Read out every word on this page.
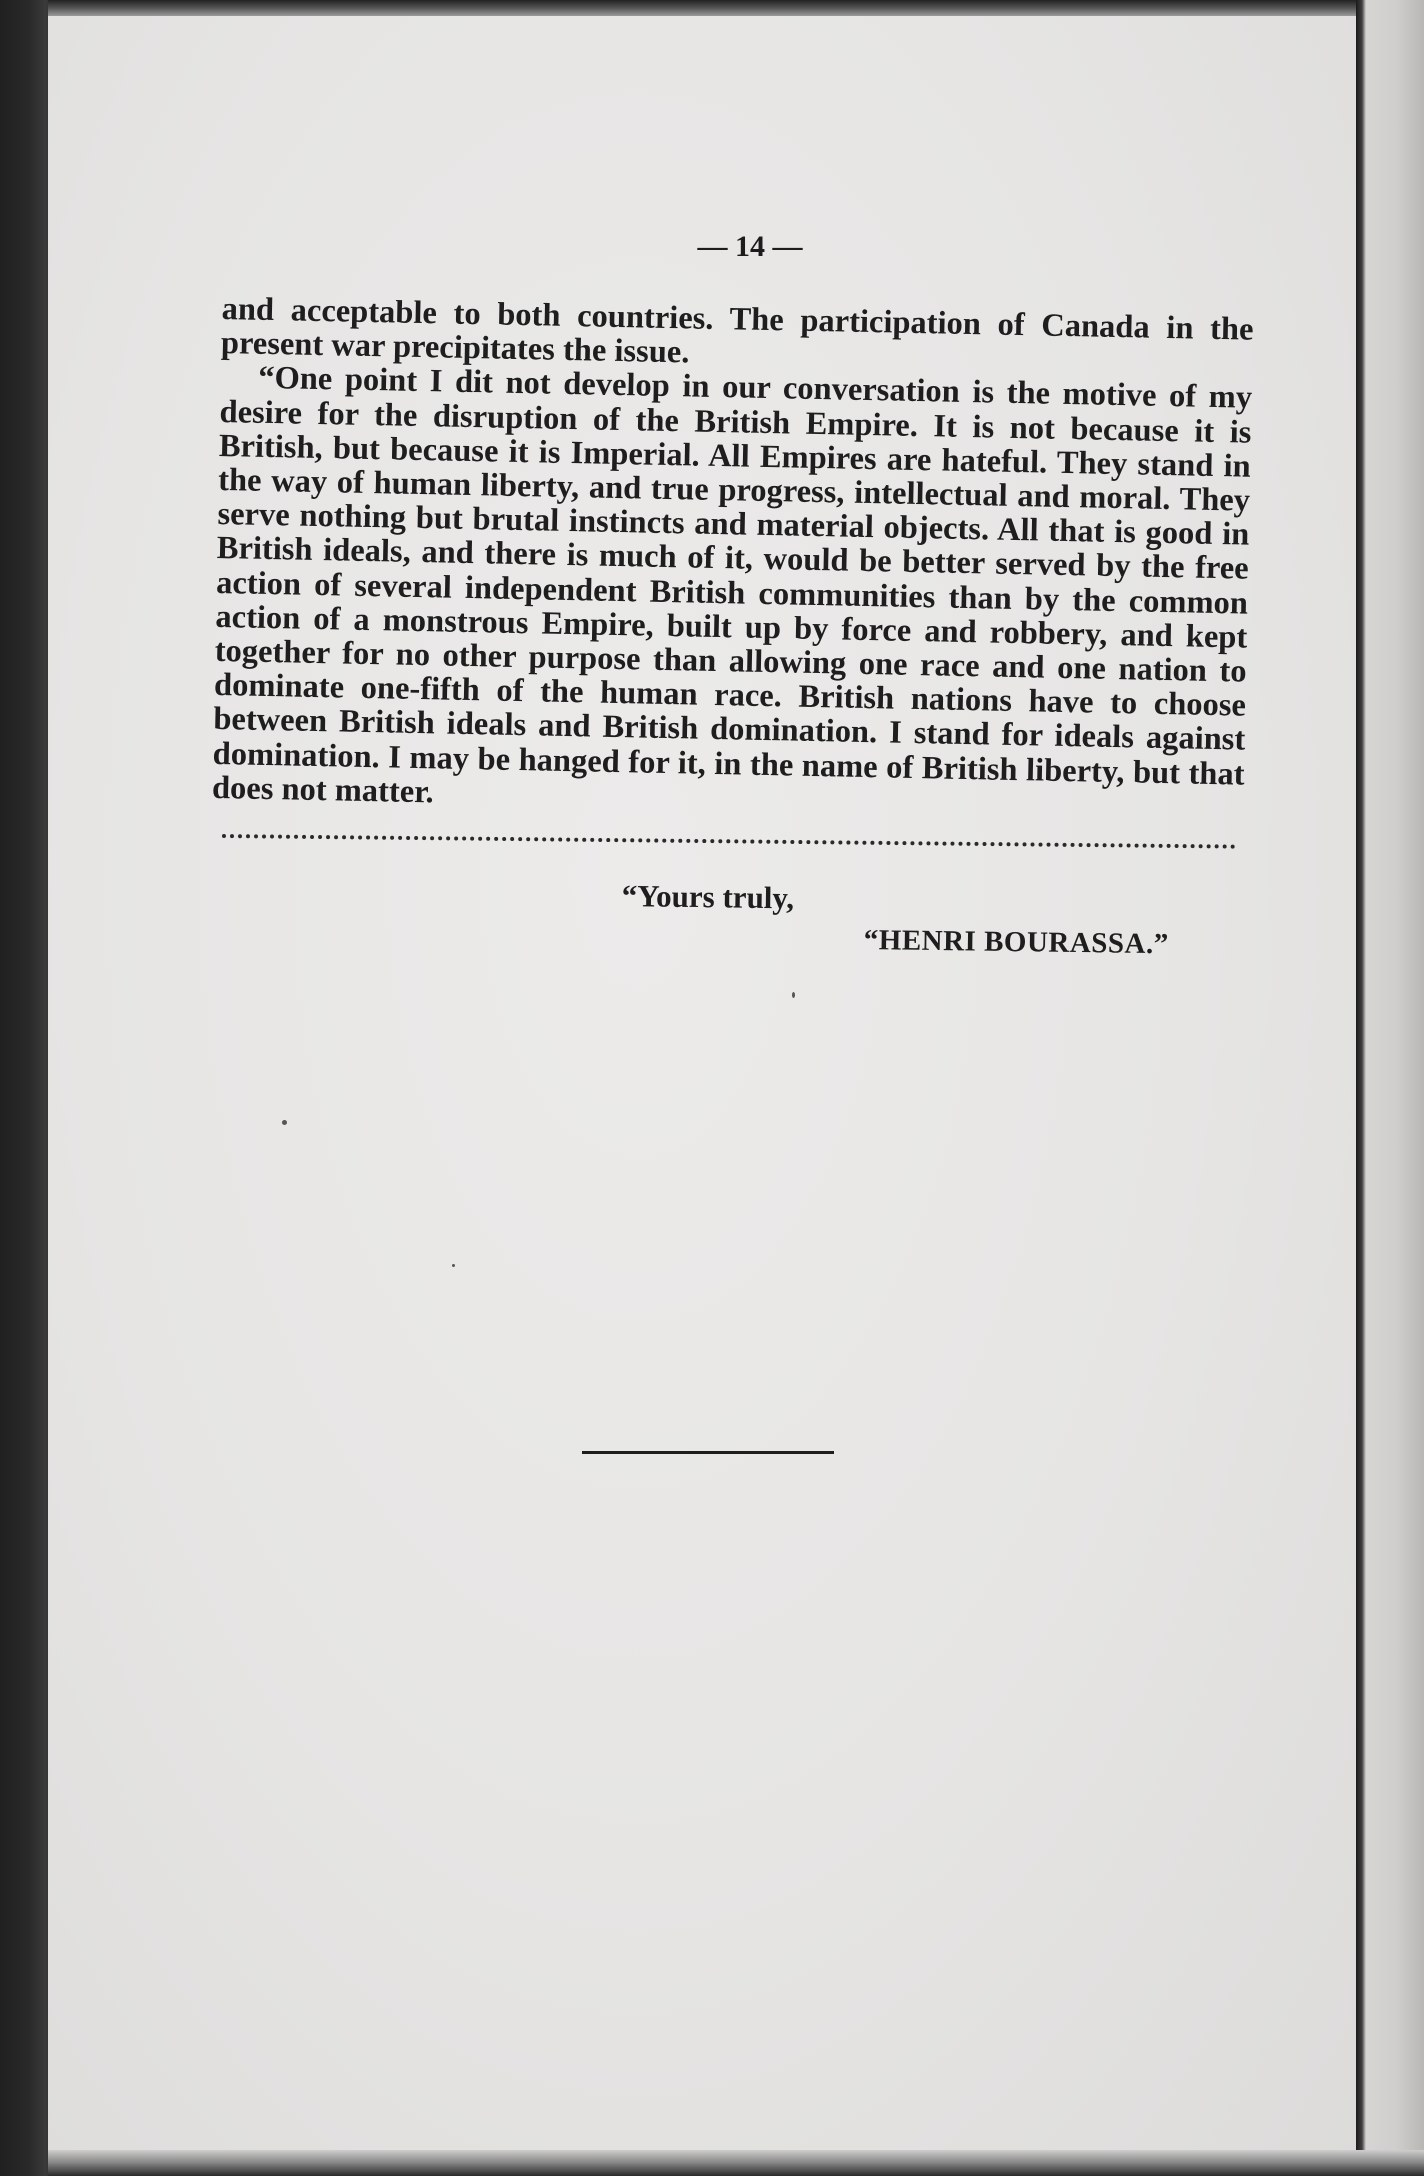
— 14 —

and acceptable to both countries. The participation of Canada in the present war precipitates the issue.

“One point I dit not develop in our conversation is the motive of my desire for the disruption of the British Empire. It is not because it is British, but because it is Imperial. All Empires are hateful. They stand in the way of human liberty, and true progress, intellectual and moral. They serve nothing but brutal instincts and material objects. All that is good in British ideals, and there is much of it, would be better served by the free action of several independent British communities than by the common action of a monstrous Empire, built up by force and robbery, and kept together for no other purpose than allowing one race and one nation to dominate one-fifth of the human race. British nations have to choose between British ideals and British domination. I stand for ideals against domination. I may be hanged for it, in the name of British liberty, but that does not matter.

“Yours truly,
“HENRI BOURASSA.”
